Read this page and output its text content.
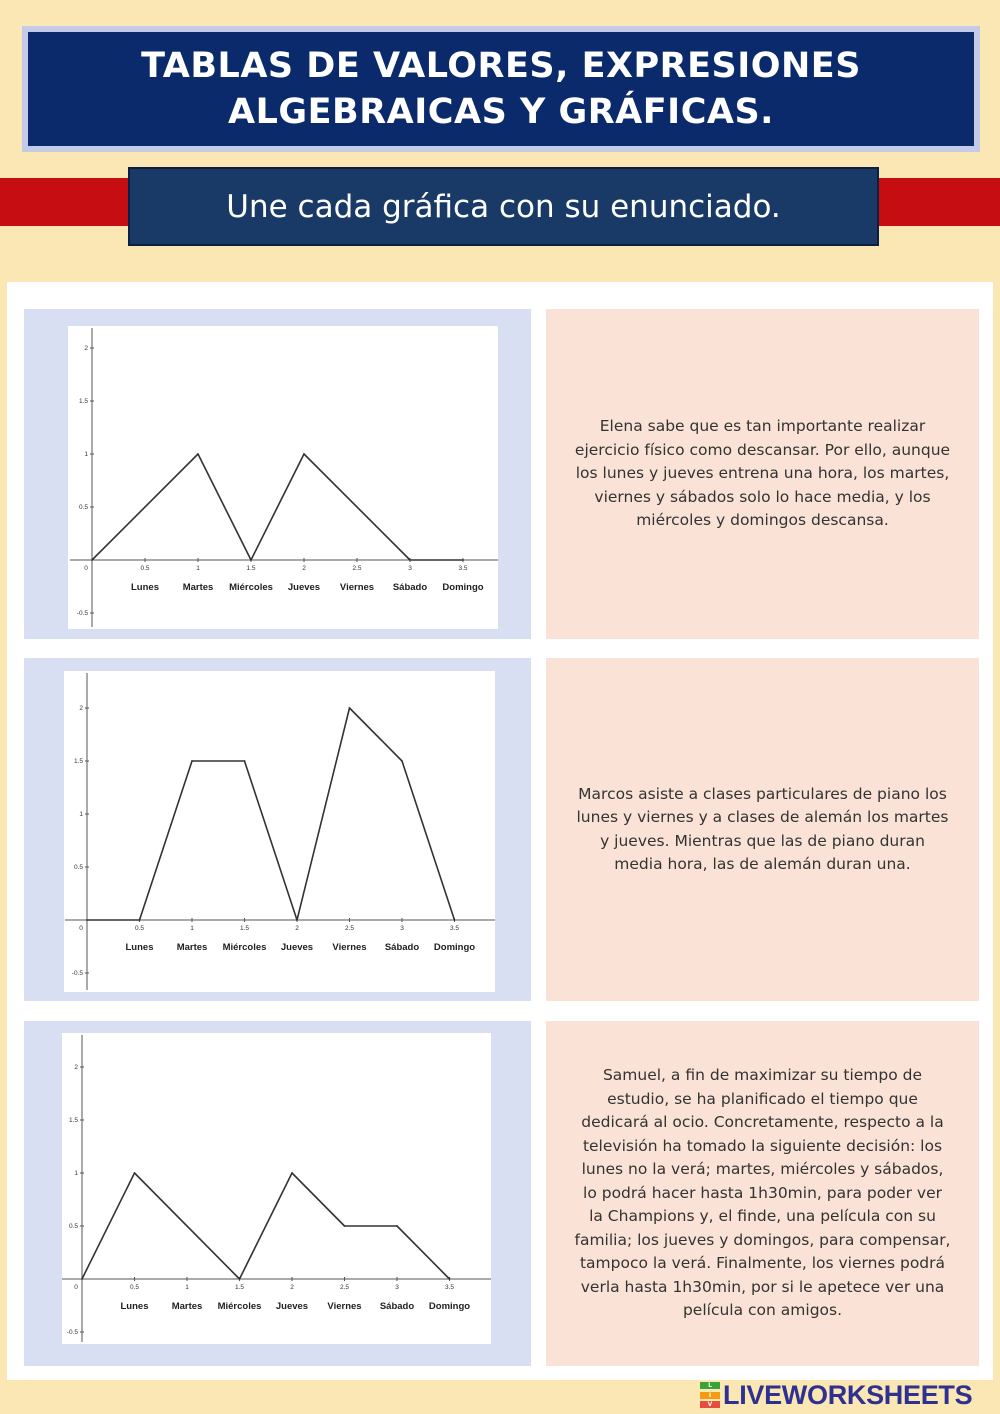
TABLAS DE VALORES, EXPRESIONES
ALGEBRAICAS Y GRÁFICAS.
Une cada gráfica con su enunciado.
0	0.5	1	1.5	2	2.5	3	3.5
2
1.5
1
0.5
-0.5
Lunes Martes Miércoles Jueves Viernes Sábado Domingo

Elena sabe que es tan importante realizar ejercicio físico como descansar. Por ello, aunque los lunes y jueves entrena una hora, los martes, viernes y sábados solo lo hace media, y los miércoles y domingos descansa.

0	0.5	1	1.5	2	2.5	3	3.5
2
1.5
1
0.5
-0.5
Lunes Martes Miércoles Jueves Viernes Sábado Domingo

Marcos asiste a clases particulares de piano los lunes y viernes y a clases de alemán los martes y jueves. Mientras que las de piano duran media hora, las de alemán duran una.

0	0.5	1	1.5	2	2.5	3	3.5
2
1.5
1
0.5
-0.5
Lunes Martes Miércoles Jueves Viernes Sábado Domingo

Samuel, a fin de maximizar su tiempo de estudio, se ha planificado el tiempo que dedicará al ocio. Concretamente, respecto a la televisión ha tomado la siguiente decisión: los lunes no la verá; martes, miércoles y sábados, lo podrá hacer hasta 1h30min, para poder ver la Champions y, el finde, una película con su familia; los jueves y domingos, para compensar, tampoco la verá. Finalmente, los viernes podrá verla hasta 1h30min, por si le apetece ver una película con amigos.

L
I
V LIVEWORKSHEETS
